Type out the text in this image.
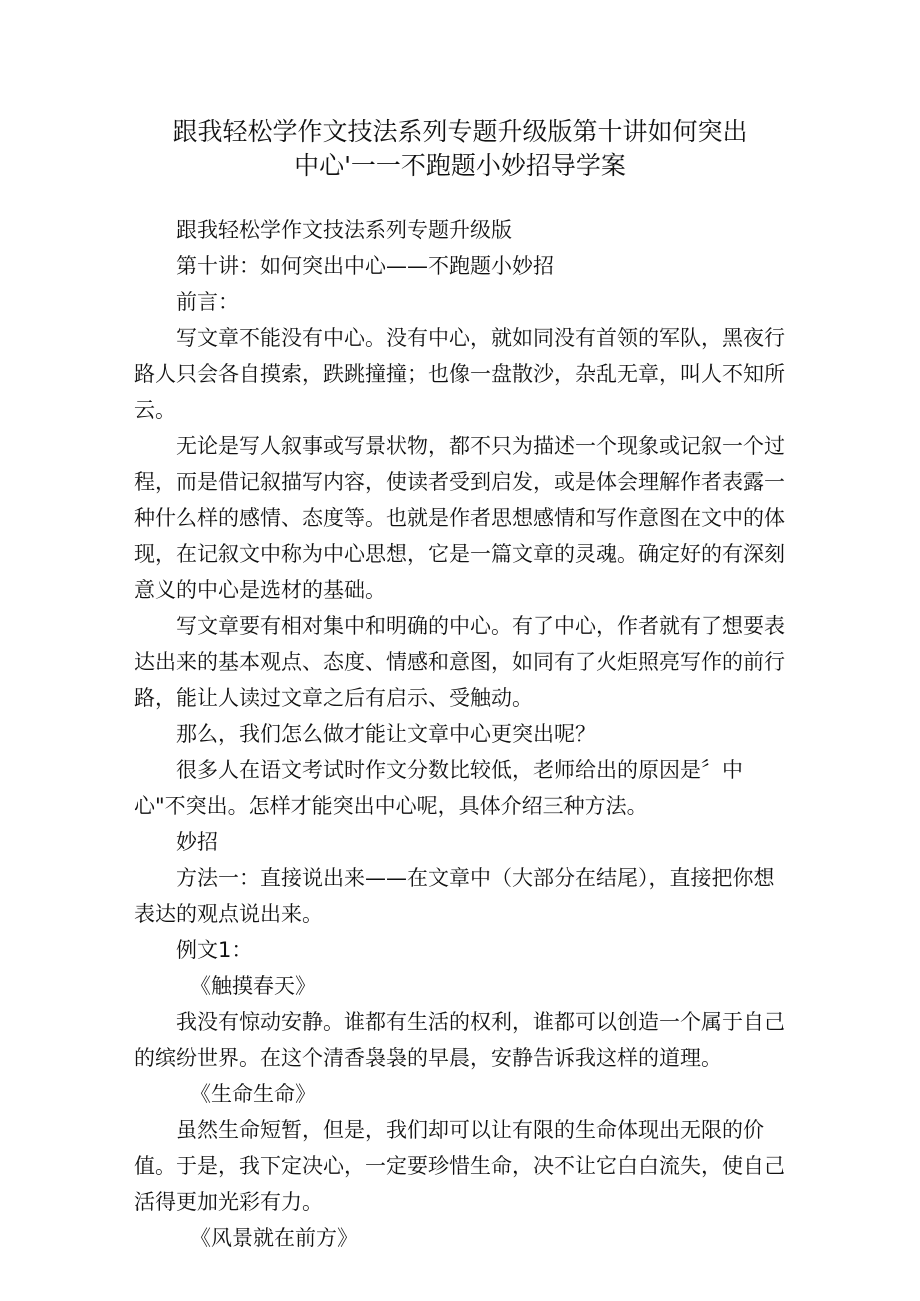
跟我轻松学作文技法系列专题升级版第十讲如何突出
中心'一一不跑题小妙招导学案

跟我轻松学作文技法系列专题升级版

第十讲：如何突出中心——不跑题小妙招

前言：

写文章不能没有中心。没有中心，就如同没有首领的军队，黑夜行路人只会各自摸索，跌跳撞撞；也像一盘散沙，杂乱无章，叫人不知所云。

无论是写人叙事或写景状物，都不只为描述一个现象或记叙一个过程，而是借记叙描写内容，使读者受到启发，或是体会理解作者表露一种什么样的感情、态度等。也就是作者思想感情和写作意图在文中的体现，在记叙文中称为中心思想，它是一篇文章的灵魂。确定好的有深刻意义的中心是选材的基础。

写文章要有相对集中和明确的中心。有了中心，作者就有了想要表达出来的基本观点、态度、情感和意图，如同有了火炬照亮写作的前行路，能让人读过文章之后有启示、受触动。

那么，我们怎么做才能让文章中心更突出呢？

很多人在语文考试时作文分数比较低，老师给出的原因是〞中心"不突出。怎样才能突出中心呢，具体介绍三种方法。

妙招

方法一：直接说出来——在文章中（大部分在结尾），直接把你想表达的观点说出来。

例文1：

《触摸春天》

我没有惊动安静。谁都有生活的权利，谁都可以创造一个属于自己的缤纷世界。在这个清香袅袅的早晨，安静告诉我这样的道理。

《生命生命》

虽然生命短暂，但是，我们却可以让有限的生命体现出无限的价值。于是，我下定决心，一定要珍惜生命，决不让它白白流失，使自己活得更加光彩有力。

《风景就在前方》
